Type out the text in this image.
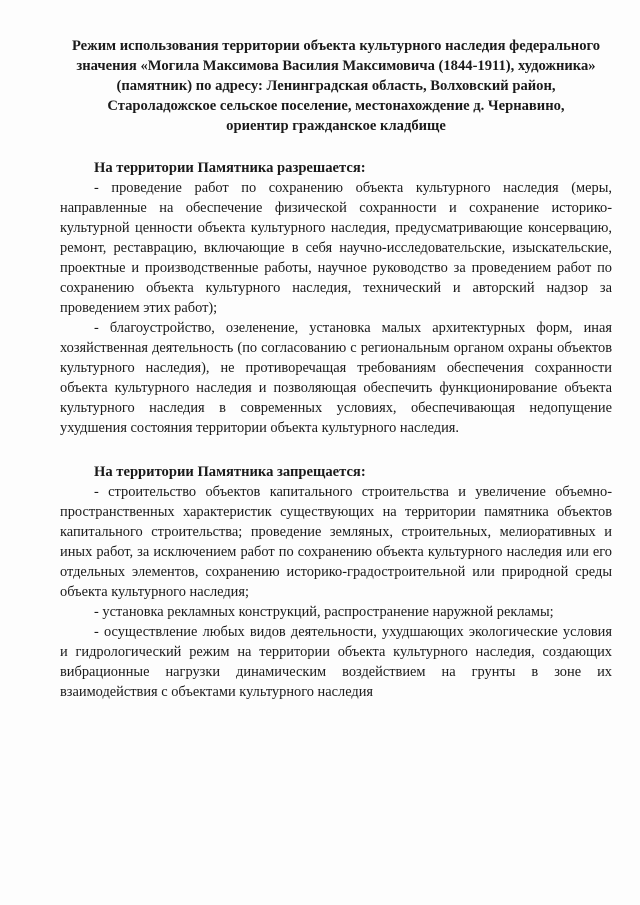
Режим использования территории объекта культурного наследия федерального
значения «Могила Максимова Василия Максимовича (1844-1911), художника»
(памятник) по адресу: Ленинградская область, Волховский район,
Староладожское сельское поселение, местонахождение д. Чернавино,
ориентир гражданское кладбище

На территории Памятника разрешается:

- проведение работ по сохранению объекта культурного наследия (меры, направленные на обеспечение физической сохранности и сохранение историко-культурной ценности объекта культурного наследия, предусматривающие консервацию, ремонт, реставрацию, включающие в себя научно-исследовательские, изыскательские, проектные и производственные работы, научное руководство за проведением работ по сохранению объекта культурного наследия, технический и авторский надзор за проведением этих работ);

- благоустройство, озеленение, установка малых архитектурных форм, иная хозяйственная деятельность (по согласованию с региональным органом охраны объектов культурного наследия), не противоречащая требованиям обеспечения сохранности объекта культурного наследия и позволяющая обеспечить функционирование объекта культурного наследия в современных условиях, обеспечивающая недопущение ухудшения состояния территории объекта культурного наследия.

На территории Памятника запрещается:

- строительство объектов капитального строительства и увеличение объемно-пространственных характеристик существующих на территории памятника объектов капитального строительства; проведение земляных, строительных, мелиоративных и иных работ, за исключением работ по сохранению объекта культурного наследия или его отдельных элементов, сохранению историко-градостроительной или природной среды объекта культурного наследия;

- установка рекламных конструкций, распространение наружной рекламы;

- осуществление любых видов деятельности, ухудшающих экологические условия и гидрологический режим на территории объекта культурного наследия, создающих вибрационные нагрузки динамическим воздействием на грунты в зоне их взаимодействия с объектами культурного наследия
